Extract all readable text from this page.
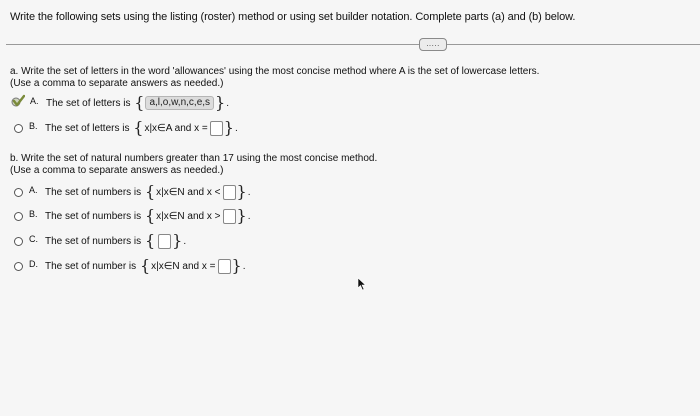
Write the following sets using the listing (roster) method or using set builder notation. Complete parts (a) and (b) below.
.....
a. Write the set of letters in the word 'allowances' using the most concise method where A is the set of lowercase letters.
(Use a comma to separate answers as needed.)
A. The set of letters is
{ a,l,o,w,n,c,e,s } .
B. The set of letters is
{ x|x∈A and x = } .
b. Write the set of natural numbers greater than 17 using the most concise method.
(Use a comma to separate answers as needed.)
A. The set of numbers is
{ x|x∈N and x < } .
B. The set of numbers is
{ x|x∈N and x > } .
C. The set of numbers is
{ } .
D. The set of number is
{ x|x∈N and x = } .
